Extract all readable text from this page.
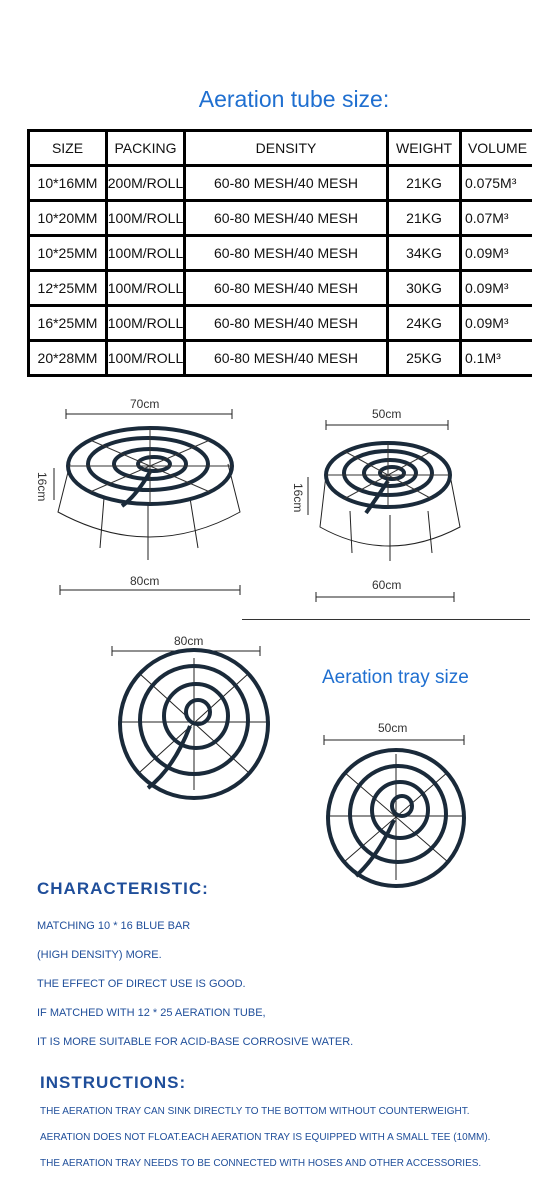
Aeration tube size:
SIZE	PACKING	DENSITY	WEIGHT	VOLUME
10*16MM 200M/ROLL	60-80 MESH/40 MESH	21KG	0.075M³
10*20MM 100M/ROLL	60-80 MESH/40 MESH	21KG	0.07M³
10*25MM 100M/ROLL	60-80 MESH/40 MESH	34KG	0.09M³
12*25MM 100M/ROLL	60-80 MESH/40 MESH	30KG	0.09M³
16*25MM 100M/ROLL	60-80 MESH/40 MESH	24KG	0.09M³
20*28MM 100M/ROLL	60-80 MESH/40 MESH	25KG	0.1M³
70cm
16cm
80cm
50cm
16cm
60cm
80cm
Aeration tray size
50cm
CHARACTERISTIC:
MATCHING 10 * 16 BLUE BAR
(HIGH DENSITY) MORE.
THE EFFECT OF DIRECT USE IS GOOD.
IF MATCHED WITH 12 * 25 AERATION TUBE,
IT IS MORE SUITABLE FOR ACID-BASE CORROSIVE WATER.
INSTRUCTIONS:
THE AERATION TRAY CAN SINK DIRECTLY TO THE BOTTOM WITHOUT COUNTERWEIGHT.
AERATION DOES NOT FLOAT.EACH AERATION TRAY IS EQUIPPED WITH A SMALL TEE (10MM).
THE AERATION TRAY NEEDS TO BE CONNECTED WITH HOSES AND OTHER ACCESSORIES.
